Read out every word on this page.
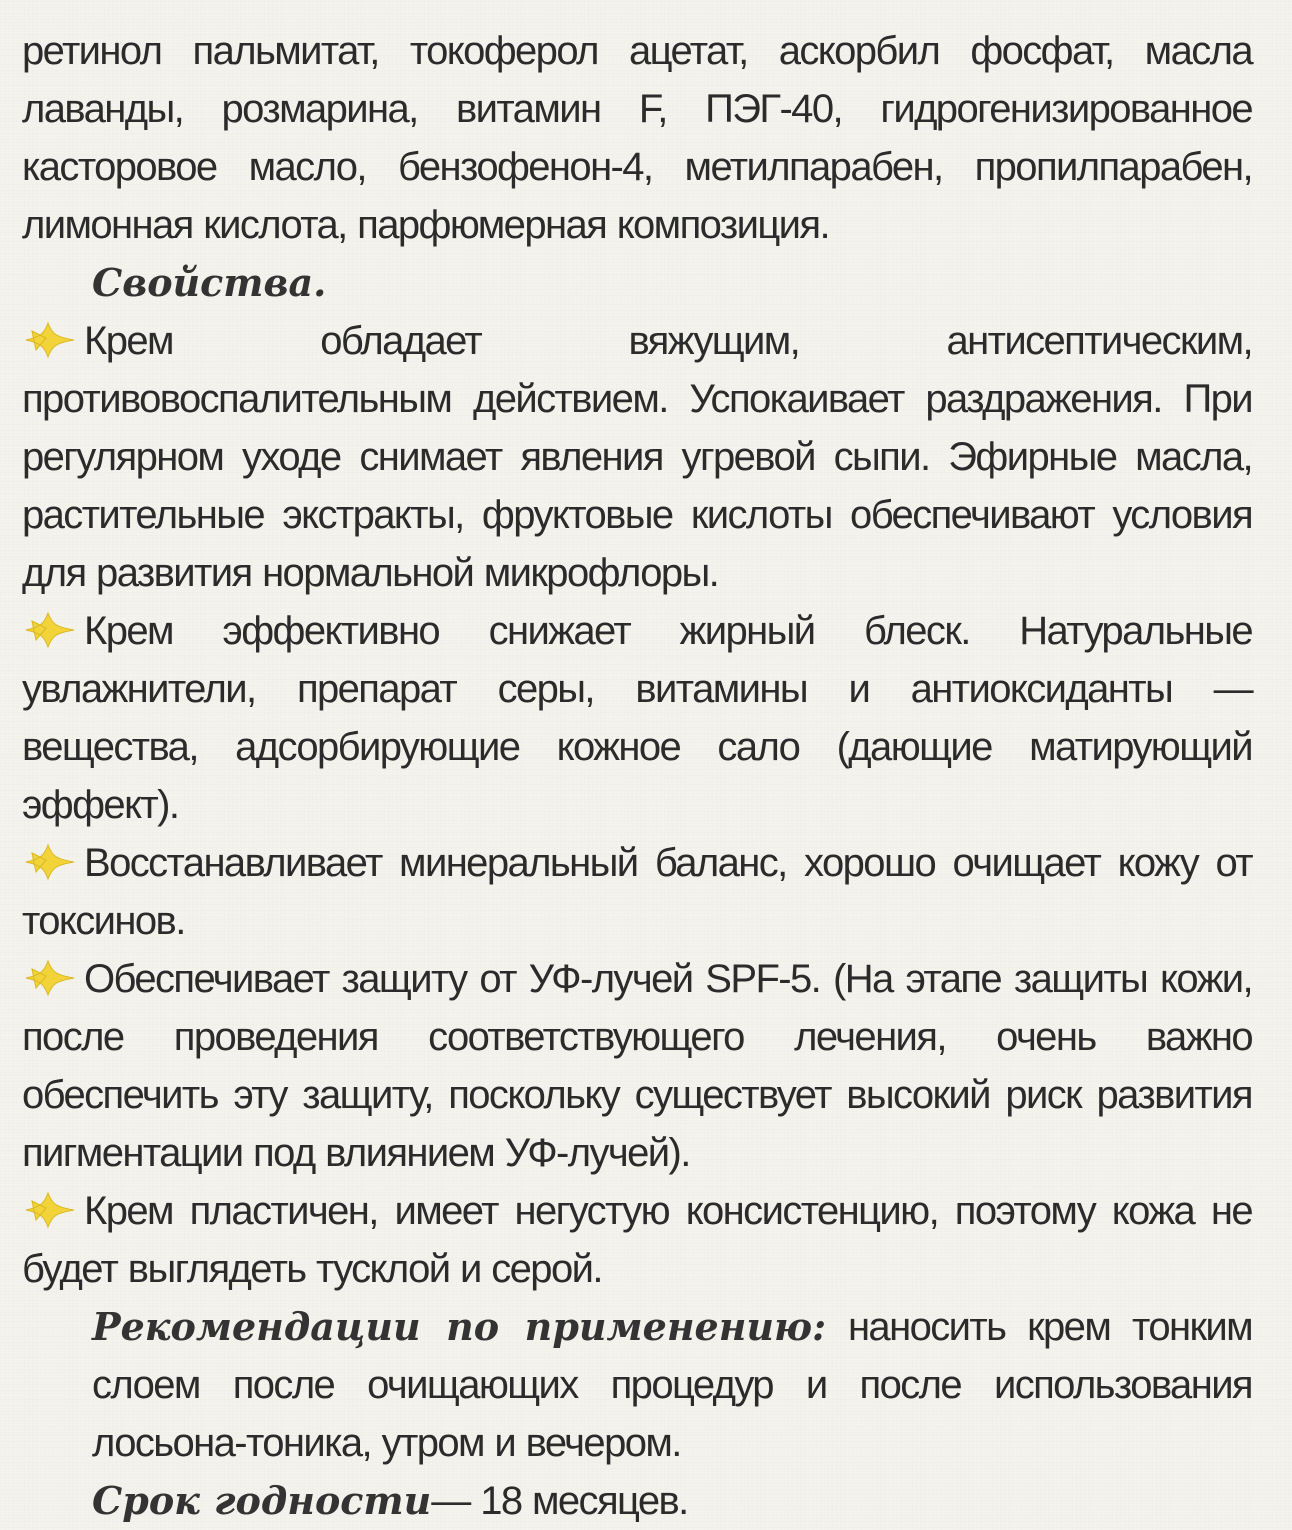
ретинол пальмитат, токоферол ацетат, аскорбил фосфат, масла лаванды, розмарина, витамин F, ПЭГ-40, гидрогенизированное касторовое масло, бензофенон-4, метилпарабен, пропилпарабен, лимонная кислота, парфюмерная композиция.

Свойства.

Крем обладает вяжущим, антисептическим, противовоспалительным действием. Успокаивает раздражения. При регулярном уходе снимает явления угревой сыпи. Эфирные масла, растительные экстракты, фруктовые кислоты обеспечивают условия для развития нормальной микрофлоры.

Крем эффективно снижает жирный блеск. Натуральные увлажнители, препарат серы, витамины и антиоксиданты — вещества, адсорбирующие кожное сало (дающие матирующий эффект).

Восстанавливает минеральный баланс, хорошо очищает кожу от токсинов.

Обеспечивает защиту от УФ-лучей SPF-5. (На этапе защиты кожи, после проведения соответствующего лечения, очень важно обеспечить эту защиту, поскольку существует высокий риск развития пигментации под влиянием УФ-лучей).

Крем пластичен, имеет негустую консистенцию, поэтому кожа не будет выглядеть тусклой и серой.

Рекомендации по применению: наносить крем тонким слоем после очищающих процедур и после использования лосьона-тоника, утром и вечером.

Срок годности— 18 месяцев.
